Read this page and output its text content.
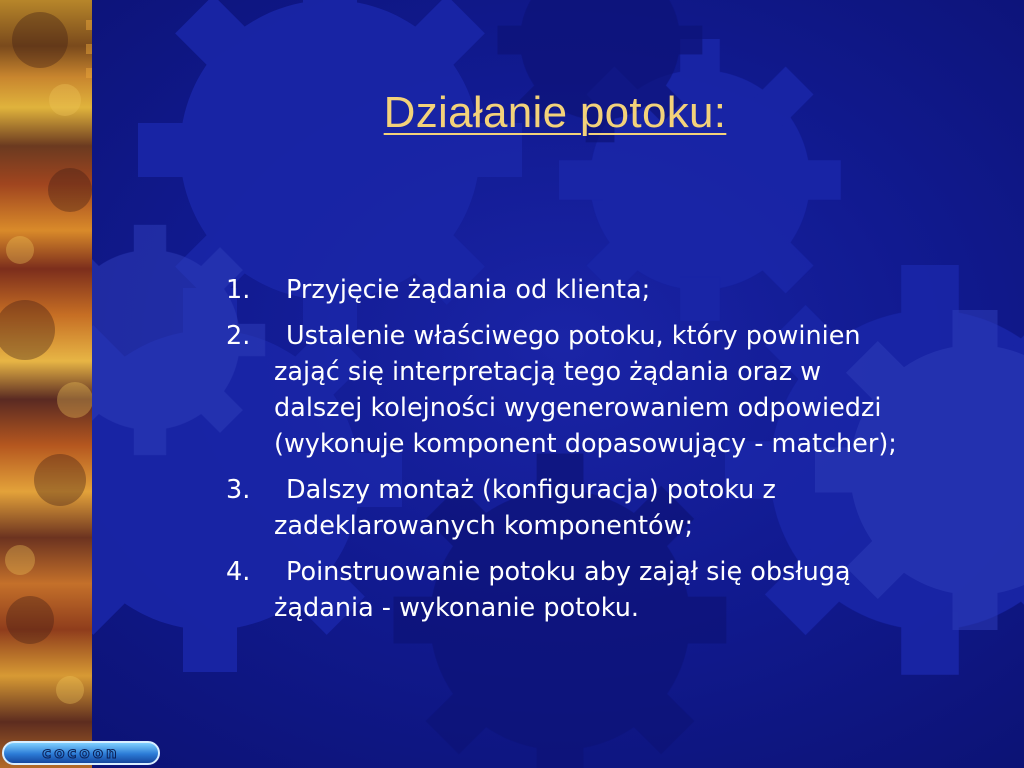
Działanie potoku:
1.	Przyjęcie żądania od klienta;
2.	Ustalenie właściwego potoku, który powinien zająć się interpretacją tego żądania oraz w dalszej kolejności wygenerowaniem odpowiedzi (wykonuje komponent dopasowujący - matcher);
3.	Dalszy montaż (konfiguracja) potoku z zadeklarowanych komponentów;
4.	Poinstruowanie potoku aby zajął się obsługą żądania - wykonanie potoku.
cocoon
